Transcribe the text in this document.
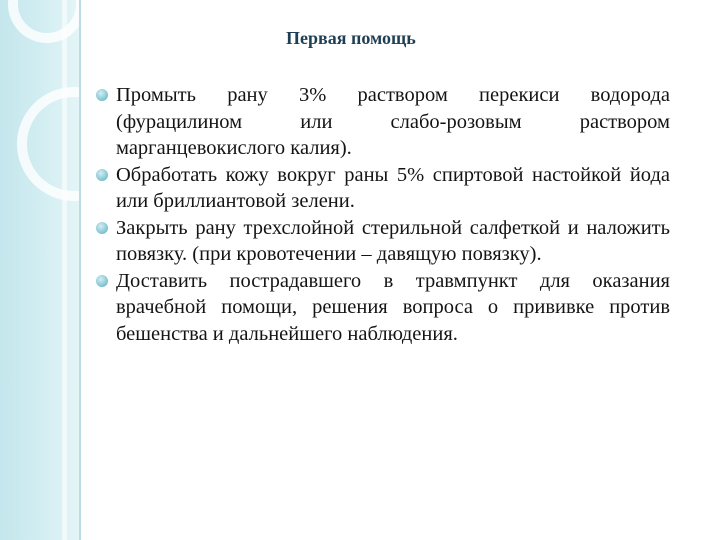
Первая помощь
Промыть рану 3% раствором перекиси водорода (фурацилином или слабо-розовым раствором марганцевокислого калия).
Обработать кожу вокруг раны 5% спиртовой настойкой йода или бриллиантовой зелени.
Закрыть рану трехслойной стерильной салфеткой и наложить повязку. (при кровотечении – давящую повязку).
Доставить пострадавшего в травмпункт для оказания врачебной помощи, решения вопроса о прививке против бешенства и дальнейшего наблюдения.
